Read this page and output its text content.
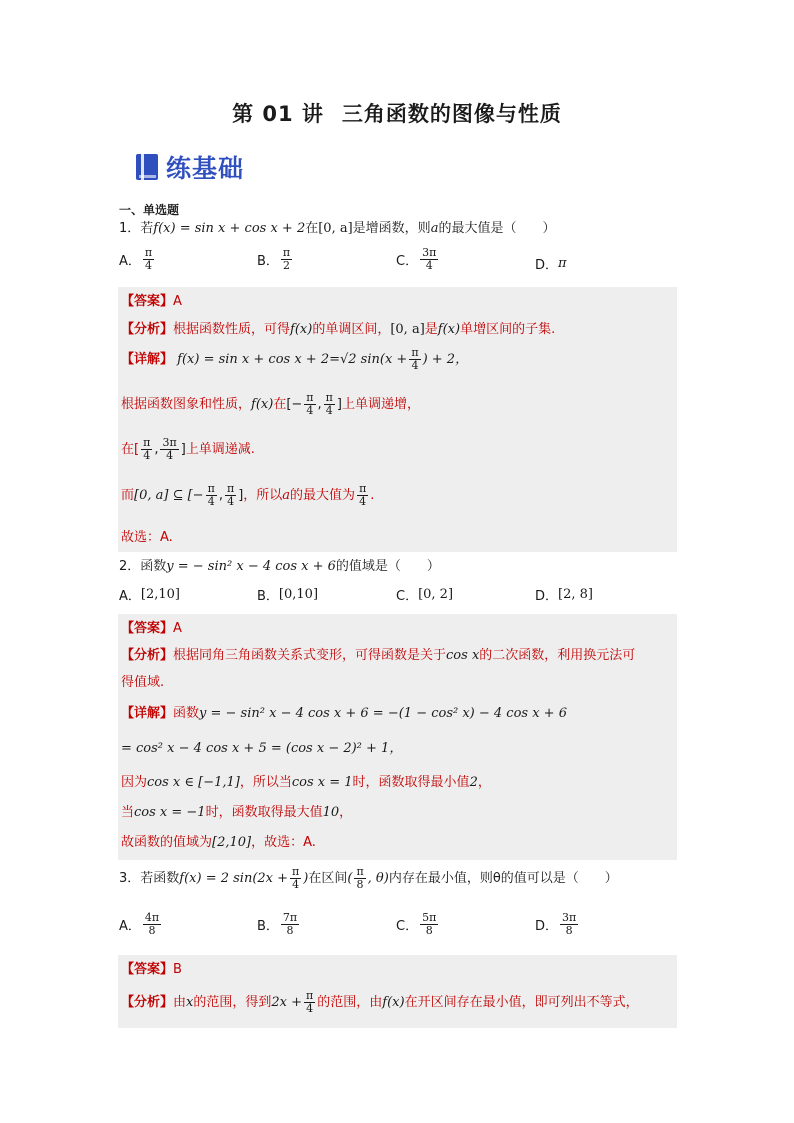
第 01 讲 三角函数的图像与性质
练基础
一、单选题
1．若f(x) = sin x + cos x + 2在[0, a]是增函数，则a的最大值是（　　）
A． $\frac{\pi}{4}$	B． $\frac{\pi}{2}$	C． $\frac{3\pi}{4}$	D． π
【答案】A
【分析】根据函数性质，可得f(x)的单调区间，[0, a]是f(x)单增区间的子集.
【详解】 f(x) = sin x + cos x + 2=√2 $\sin(x + \frac{\pi}{4}$ ) + 2，
根据函数图象和性质，f(x)在[− $\frac{\pi}{4}$ , $\frac{\pi}{4}$ ]上单调递增，
在[ $\frac{\pi}{4}$ , $\frac{3\pi}{4}$ ]上单调递减.
而[0, a] ⊆ [− $\frac{\pi}{4}$ , $\frac{\pi}{4}$ ]，所以a的最大值为 $\frac{\pi}{4}$ .
故选：A.
2．函数y = − sin² x − 4 cos x + 6的值域是（　　）
A． [2,10]	B． [0,10]	C． [0, 2]	D． [2, 8]
【答案】A
【分析】根据同角三角函数关系式变形，可得函数是关于cos x的二次函数，利用换元法可
得值域.
【详解】函数y = − sin² x − 4 cos x + 6 = −(1 − cos² x) − 4 cos x + 6
= cos² x − 4 cos x + 5 = (cos x − 2)² + 1，
因为cos x ∈ [−1,1]，所以当cos x = 1时，函数取得最小值2，
当cos x = −1时，函数取得最大值10，
故函数的值域为[2,10]，故选：A.
3．若函数f(x) = 2 $\sin(2x + \frac{\pi}{4}$ )在区间( $\frac{\pi}{8}$ , θ)内存在最小值，则θ的值可以是（　　）
A． $\frac{4\pi}{8}$	B． $\frac{7\pi}{8}$	C． $\frac{5\pi}{8}$	D． $\frac{3\pi}{8}$
【答案】B
【分析】由x的范围，得到$2x + \frac{\pi}{4}$ 的范围，由f(x)在开区间存在最小值，即可列出不等式，
